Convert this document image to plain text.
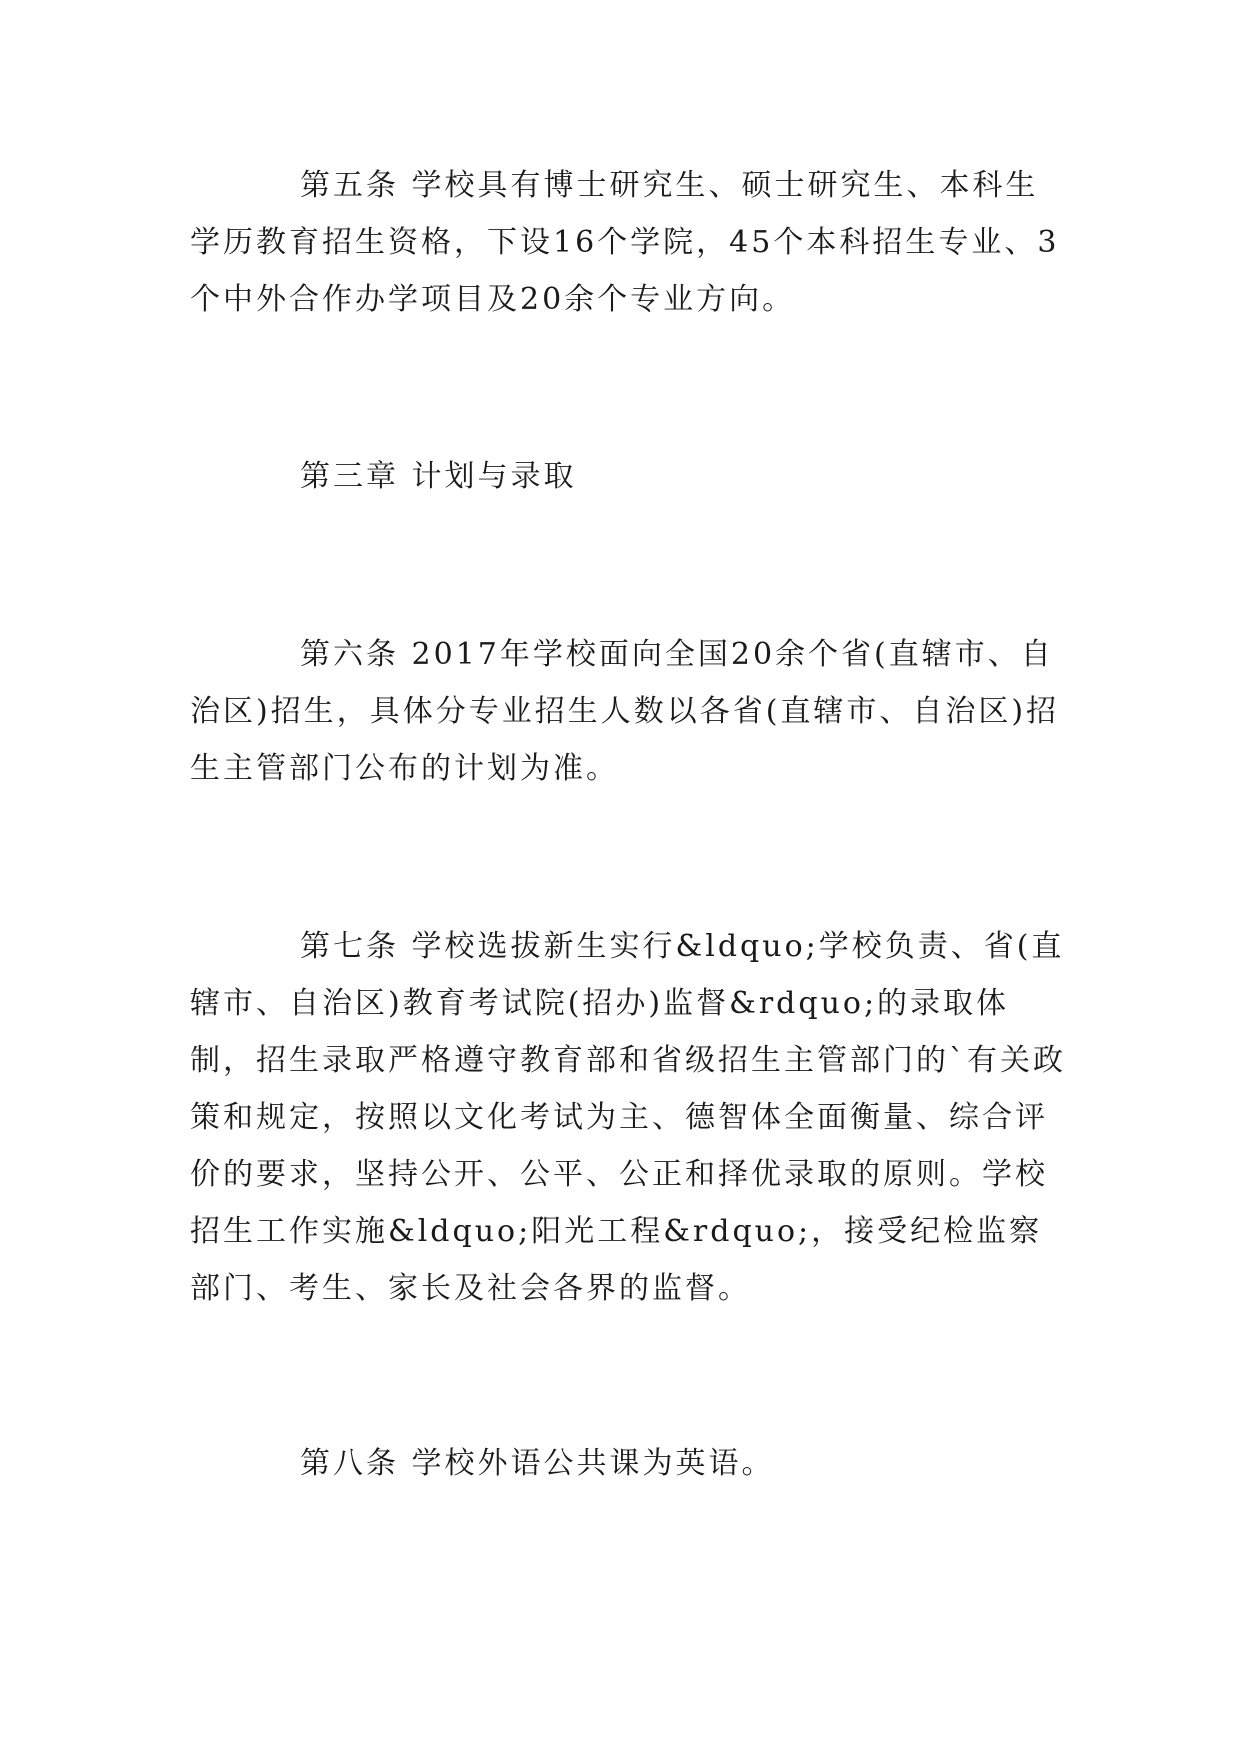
第五条 学校具有博士研究生、硕士研究生、本科生学历教育招生资格，下设16个学院，45个本科招生专业、3个中外合作办学项目及20余个专业方向。

第三章 计划与录取

第六条 2017年学校面向全国20余个省(直辖市、自治区)招生，具体分专业招生人数以各省(直辖市、自治区)招生主管部门公布的计划为准。

第七条 学校选拔新生实行&ldquo;学校负责、省(直辖市、自治区)教育考试院(招办)监督&rdquo;的录取体制，招生录取严格遵守教育部和省级招生主管部门的`有关政策和规定，按照以文化考试为主、德智体全面衡量、综合评价的要求，坚持公开、公平、公正和择优录取的原则。学校招生工作实施&ldquo;阳光工程&rdquo;，接受纪检监察部门、考生、家长及社会各界的监督。

第八条 学校外语公共课为英语。
